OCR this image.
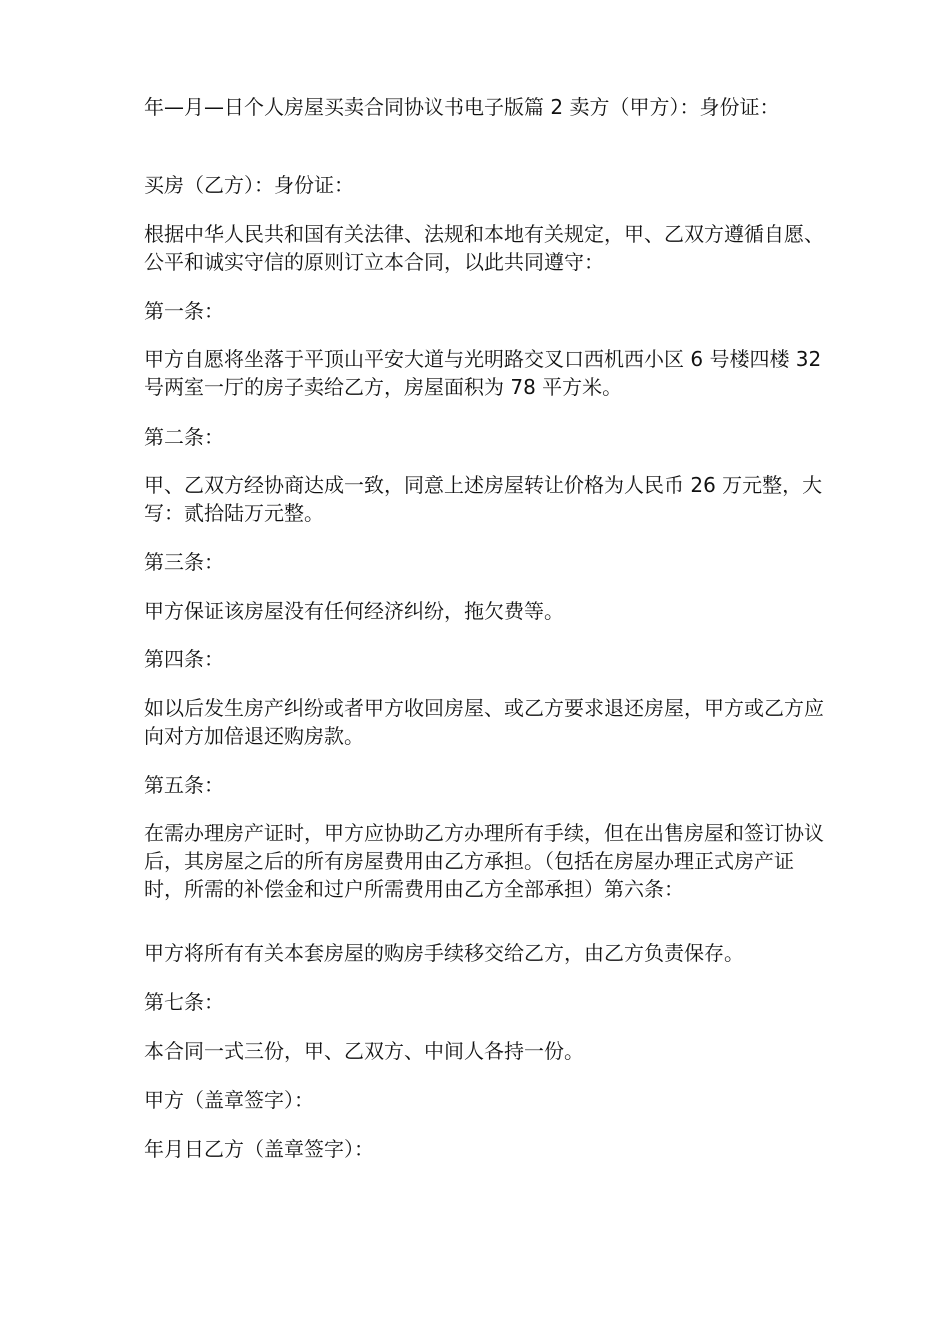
年—月—日个人房屋买卖合同协议书电子版篇 2 卖方（甲方）：身份证：

买房（乙方）：身份证：

根据中华人民共和国有关法律、法规和本地有关规定，甲、乙双方遵循自愿、公平和诚实守信的原则订立本合同，以此共同遵守：

第一条：

甲方自愿将坐落于平顶山平安大道与光明路交叉口西机西小区 6 号楼四楼 32 号两室一厅的房子卖给乙方，房屋面积为 78 平方米。

第二条：

甲、乙双方经协商达成一致，同意上述房屋转让价格为人民币 26 万元整，大写：贰拾陆万元整。

第三条：

甲方保证该房屋没有任何经济纠纷，拖欠费等。

第四条：

如以后发生房产纠纷或者甲方收回房屋、或乙方要求退还房屋，甲方或乙方应向对方加倍退还购房款。

第五条：

在需办理房产证时，甲方应协助乙方办理所有手续，但在出售房屋和签订协议后，其房屋之后的所有房屋费用由乙方承担。（包括在房屋办理正式房产证时，所需的补偿金和过户所需费用由乙方全部承担）第六条：

甲方将所有有关本套房屋的购房手续移交给乙方，由乙方负责保存。

第七条：

本合同一式三份，甲、乙双方、中间人各持一份。

甲方（盖章签字）：

年月日乙方（盖章签字）：
